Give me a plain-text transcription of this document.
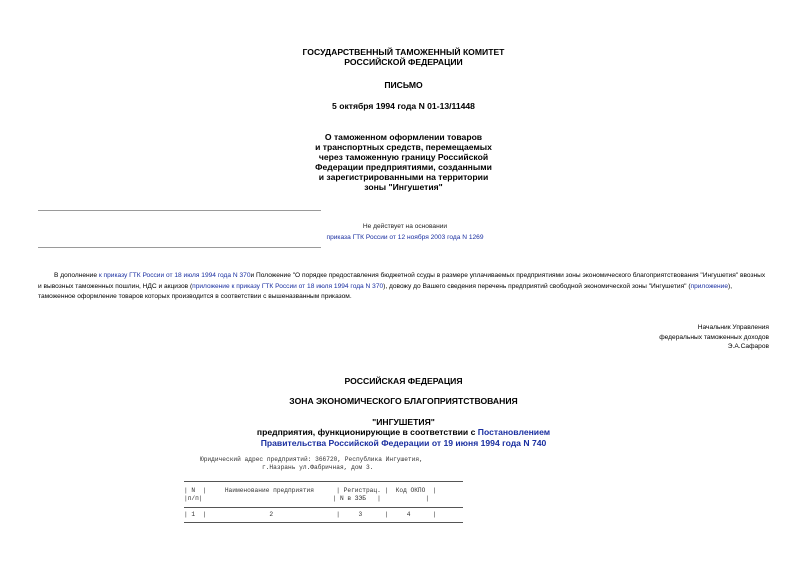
ГОСУДАРСТВЕННЫЙ ТАМОЖЕННЫЙ КОМИТЕТ
РОССИЙСКОЙ ФЕДЕРАЦИИ
ПИСЬМО
5 октября 1994 года N 01-13/11448
О таможенном оформлении товаров
и транспортных средств, перемещаемых
через таможенную границу Российской
Федерации предприятиями, созданными
и зарегистрированными на территории
зоны "Ингушетия"
Не действует на основании
приказа ГТК России от 12 ноября 2003 года N 1269
В дополнение к приказу ГТК России от 18 июля 1994 года N 370и Положение "О порядке предоставления бюджетной ссуды в размере уплачиваемых предприятиями зоны экономического благоприятствования "Ингушетия" ввозных и вывозных таможенных пошлин, НДС и акцизов (приложение к приказу ГТК России от 18 июля 1994 года N 370), довожу до Вашего сведения перечень предприятий свободной экономической зоны "Ингушетия" (приложение), таможенное оформление товаров которых производится в соответствии с вышеназванным приказом.
Начальник Управления
федеральных таможенных доходов
Э.А.Сафаров
РОССИЙСКАЯ ФЕДЕРАЦИЯ
ЗОНА ЭКОНОМИЧЕСКОГО БЛАГОПРИЯТСТВОВАНИЯ
"ИНГУШЕТИЯ"
предприятия, функционирующие в соответствии с Постановлением
Правительства Российской Федерации от 19 июня 1994 года N 740
Юридический адрес предприятий: 366720, Республика Ингушетия,
г.Назрань ул.Фабричная, дом 3.
| N  |     Наименование предприятия      | Регистрац. |  Код ОКПО  |
|п/п|                                   | N в ЗЭБ   |            |
| 1  |                 2                 |     3      |     4      |
